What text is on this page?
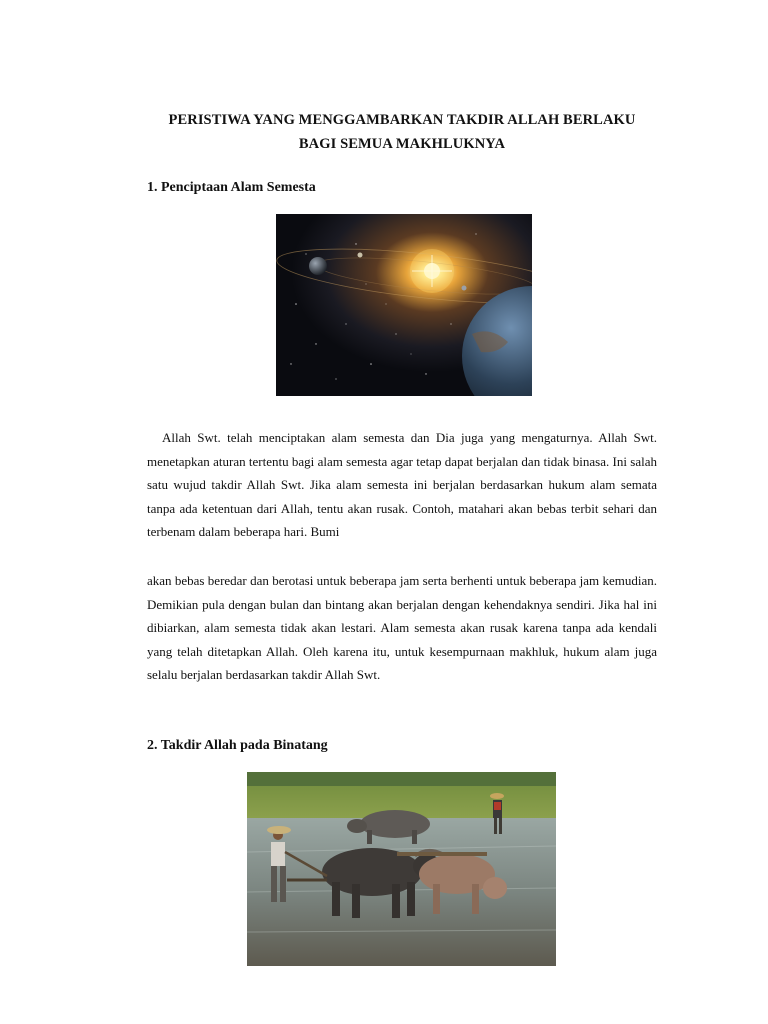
PERISTIWA YANG MENGGAMBARKAN TAKDIR ALLAH BERLAKU
BAGI SEMUA MAKHLUKNYA
1. Penciptaan Alam Semesta
Allah Swt. telah menciptakan alam semesta dan Dia juga yang mengaturnya. Allah Swt. menetapkan aturan tertentu bagi alam semesta agar tetap dapat berjalan dan tidak binasa. Ini salah satu wujud takdir Allah Swt. Jika alam semesta ini berjalan berdasarkan hukum alam semata tanpa ada ketentuan dari Allah, tentu akan rusak. Contoh, matahari akan bebas terbit sehari dan terbenam dalam beberapa hari. Bumi
akan bebas beredar dan berotasi untuk beberapa jam serta berhenti untuk beberapa jam kemudian. Demikian pula dengan bulan dan bintang akan berjalan dengan kehendaknya sendiri. Jika hal ini dibiarkan, alam semesta tidak akan lestari. Alam semesta akan rusak karena tanpa ada kendali yang telah ditetapkan Allah. Oleh karena itu, untuk kesempurnaan makhluk, hukum alam juga selalu berjalan berdasarkan takdir Allah Swt.
2. Takdir Allah pada Binatang
